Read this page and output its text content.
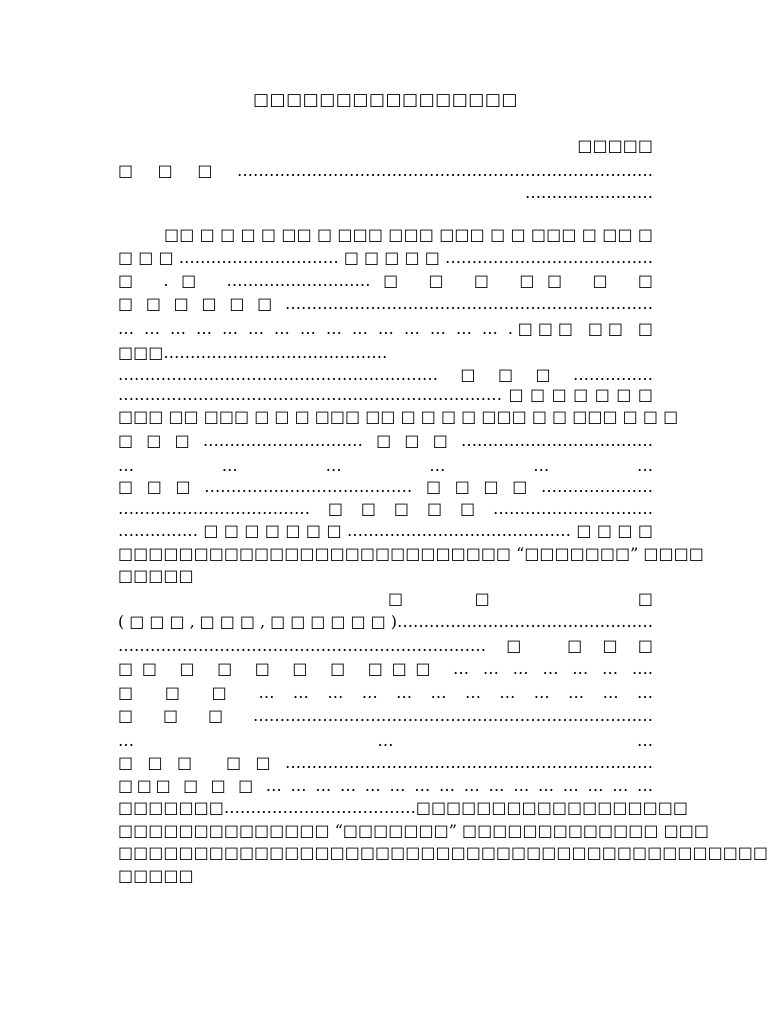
□□□□□□□□□□□□□□□□
□□□□□
□□□……………………………………………………………………
……………………
□□ □ □ □ □ □□ □ □□□ □□□ □□□ □ □ □□□ □ □□ □
□□□…………………………□□□□□…………………………………
□ .□ ………………………□ □ □ □□ □ □
□□□□□□……………………………………………………………
… … … … … … … … … … … … … … … .□□□ □□ □
□□□……………………………………
……………………………………………………□□□……………
………………………………………………………………□□□□□□□
□□□ □□ □□□ □ □ □ □□□ □□ □ □ □ □ □□□ □ □ □□□ □ □ □
□□□…………………………□□□………………………………
… … … … … …
□□□…………………………………□□□□…………………
………………………………□□□□□…………………………
……………□□□□□□□……………………………………□□□□
□□□□□□□□□□□□□□□□□□□□□□□□□□ “□□□□□□□” □□□□
□□□□□
□□ □
(□□□,□□□,□□□□□□)…………………………………………
……………………………………………………………□ □□□
□□ □ □ □ □ □ □□□ … … … … … … ….
□ □ □ … … … … … … … … … … … …
□□□…………………………………………………………………
… … …
□□□ □□……………………………………………………………
□□□ □ □ □ … … … … … … … … … … … … … … … …
□□□□□□□………………………………□□□□□□□□□□□□□□□□□□
□□□□□□□□□□□□□□ “□□□□□□□” □□□□□□□□□□□□□ □□□
□□□□□□□□□□□□□□□□□□□□□□□□□□□□□□□□□□□□□□□□□□□
□□□□□
